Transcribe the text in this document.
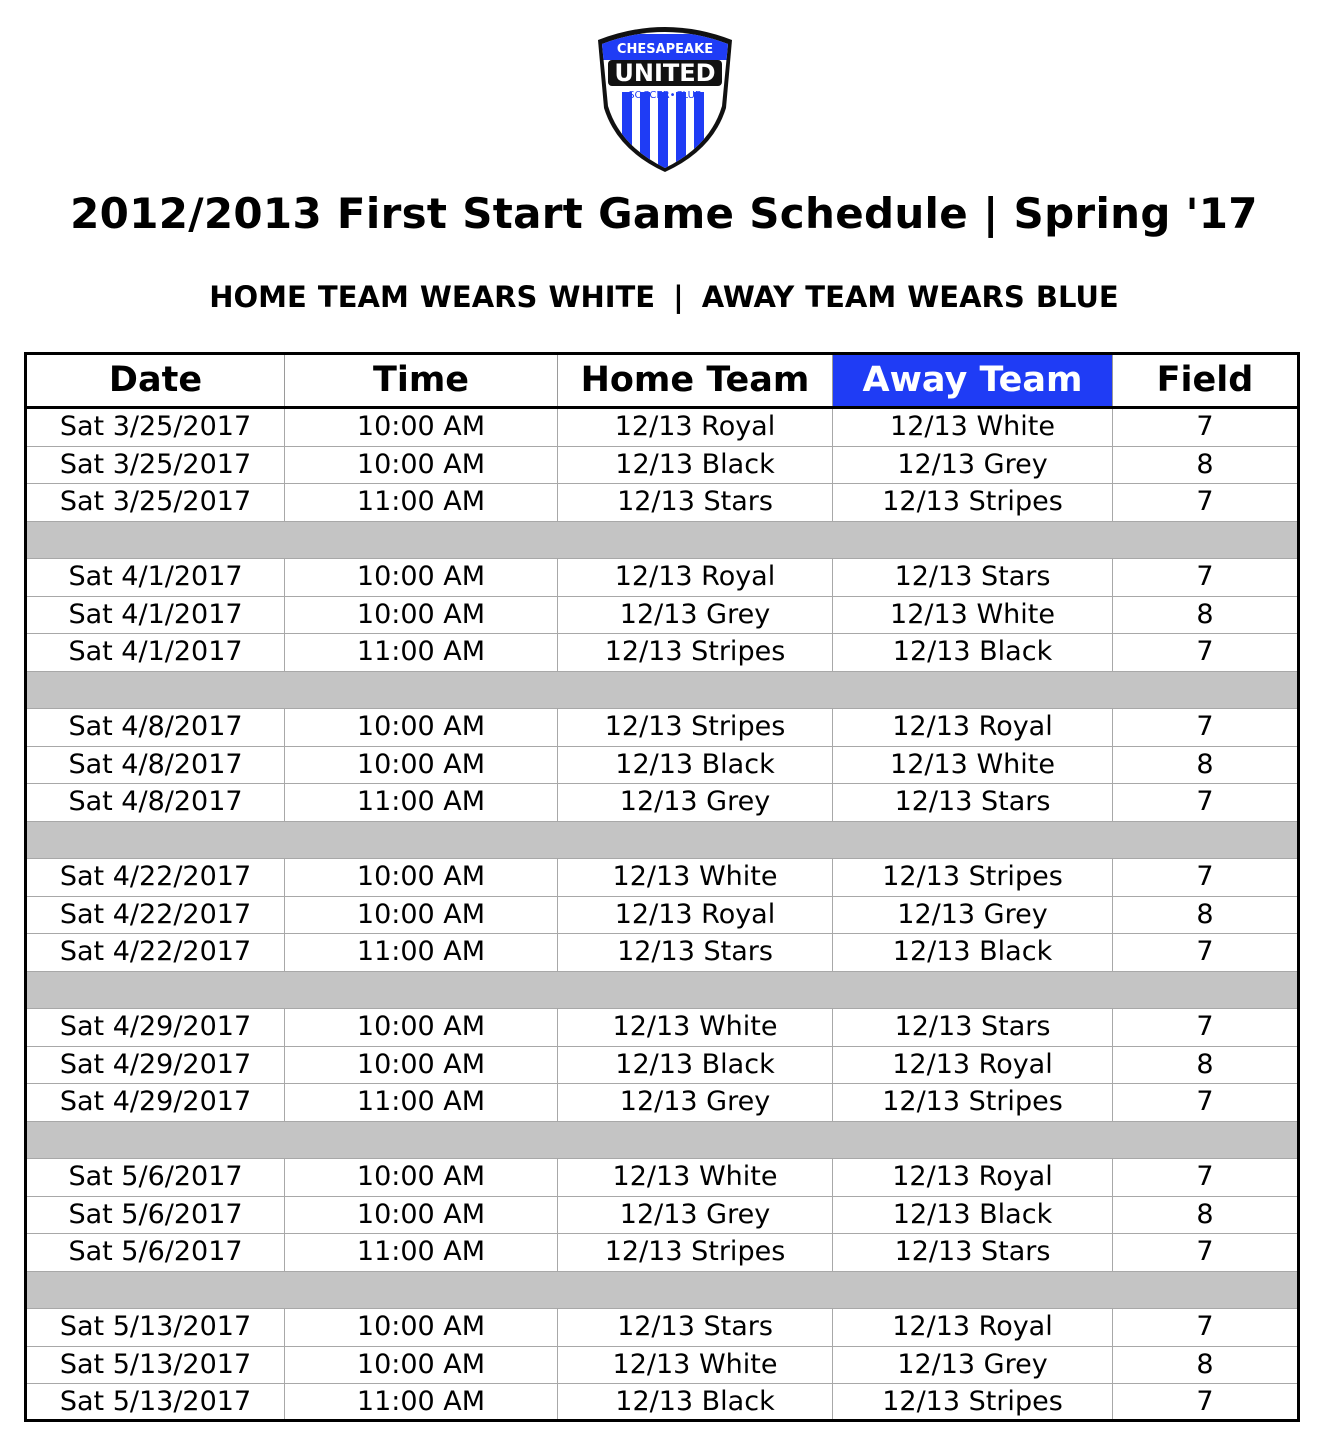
CHESAPEAKE
UNITED
SOCCER•CLUB
2012/2013 First Start Game Schedule | Spring '17
HOME TEAM WEARS WHITE | AWAY TEAM WEARS BLUE
Date	Time	Home Team	Away Team	Field
Sat 3/25/2017	10:00 AM	12/13 Royal	12/13 White	7
Sat 3/25/2017	10:00 AM	12/13 Black	12/13 Grey	8
Sat 3/25/2017	11:00 AM	12/13 Stars	12/13 Stripes	7
Sat 4/1/2017	10:00 AM	12/13 Royal	12/13 Stars	7
Sat 4/1/2017	10:00 AM	12/13 Grey	12/13 White	8
Sat 4/1/2017	11:00 AM	12/13 Stripes	12/13 Black	7
Sat 4/8/2017	10:00 AM	12/13 Stripes	12/13 Royal	7
Sat 4/8/2017	10:00 AM	12/13 Black	12/13 White	8
Sat 4/8/2017	11:00 AM	12/13 Grey	12/13 Stars	7
Sat 4/22/2017	10:00 AM	12/13 White	12/13 Stripes	7
Sat 4/22/2017	10:00 AM	12/13 Royal	12/13 Grey	8
Sat 4/22/2017	11:00 AM	12/13 Stars	12/13 Black	7
Sat 4/29/2017	10:00 AM	12/13 White	12/13 Stars	7
Sat 4/29/2017	10:00 AM	12/13 Black	12/13 Royal	8
Sat 4/29/2017	11:00 AM	12/13 Grey	12/13 Stripes	7
Sat 5/6/2017	10:00 AM	12/13 White	12/13 Royal	7
Sat 5/6/2017	10:00 AM	12/13 Grey	12/13 Black	8
Sat 5/6/2017	11:00 AM	12/13 Stripes	12/13 Stars	7
Sat 5/13/2017	10:00 AM	12/13 Stars	12/13 Royal	7
Sat 5/13/2017	10:00 AM	12/13 White	12/13 Grey	8
Sat 5/13/2017	11:00 AM	12/13 Black	12/13 Stripes	7
